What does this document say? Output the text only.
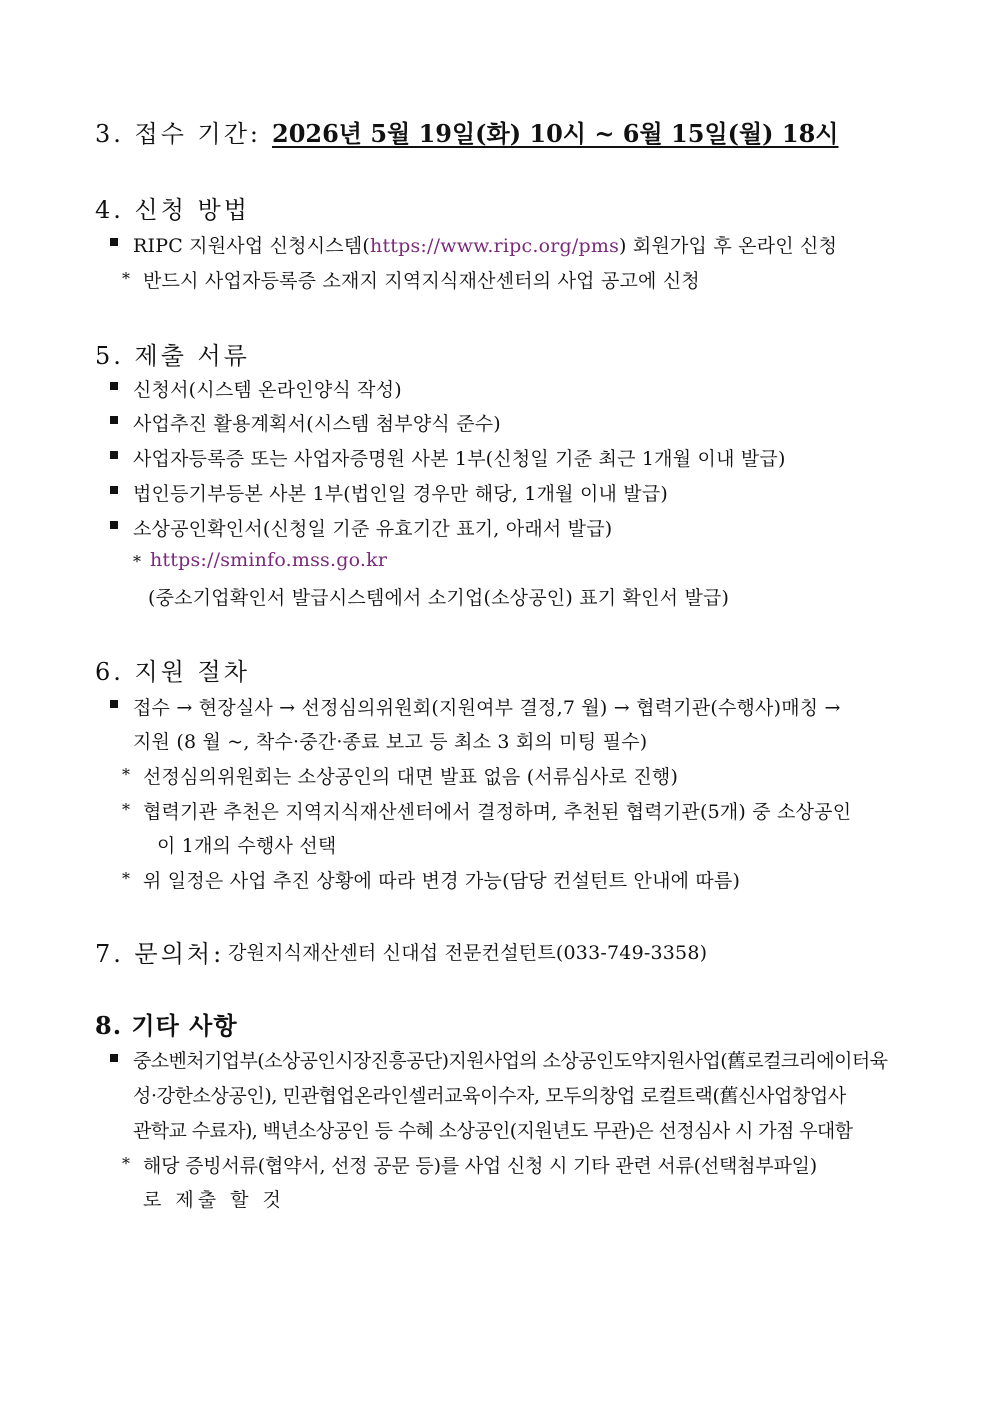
3. 접수 기간: 2026년 5월 19일(화) 10시 ~ 6월 15일(월) 18시
4. 신청 방법
RIPC 지원사업 신청시스템(https://www.ripc.org/pms) 회원가입 후 온라인 신청
* 반드시 사업자등록증 소재지 지역지식재산센터의 사업 공고에 신청
5. 제출 서류
신청서(시스템 온라인양식 작성)
사업추진 활용계획서(시스템 첨부양식 준수)
사업자등록증 또는 사업자증명원 사본 1부(신청일 기준 최근 1개월 이내 발급)
법인등기부등본 사본 1부(법인일 경우만 해당, 1개월 이내 발급)
소상공인확인서(신청일 기준 유효기간 표기, 아래서 발급)
* https://sminfo.mss.go.kr
(중소기업확인서 발급시스템에서 소기업(소상공인) 표기 확인서 발급)
6. 지원 절차
접수 → 현장실사 → 선정심의위원회(지원여부 결정,7 월) → 협력기관(수행사)매칭 →
지원 (8 월 ~, 착수·중간·종료 보고 등 최소 3 회의 미팅 필수)
* 선정심의위원회는 소상공인의 대면 발표 없음 (서류심사로 진행)
* 협력기관 추천은 지역지식재산센터에서 결정하며, 추천된 협력기관(5개) 중 소상공인
이 1개의 수행사 선택
* 위 일정은 사업 추진 상황에 따라 변경 가능(담당 컨설턴트 안내에 따름)
7. 문의처: 강원지식재산센터 신대섭 전문컨설턴트(033-749-3358)
8. 기타 사항
중소벤처기업부(소상공인시장진흥공단)지원사업의 소상공인도약지원사업(舊로컬크리에이터육
성·강한소상공인), 민관협업온라인셀러교육이수자, 모두의창업 로컬트랙(舊신사업창업사
관학교 수료자), 백년소상공인 등 수혜 소상공인(지원년도 무관)은 선정심사 시 가점 우대함
* 해당 증빙서류(협약서, 선정 공문 등)를 사업 신청 시 기타 관련 서류(선택첨부파일)
로 제출 할 것
